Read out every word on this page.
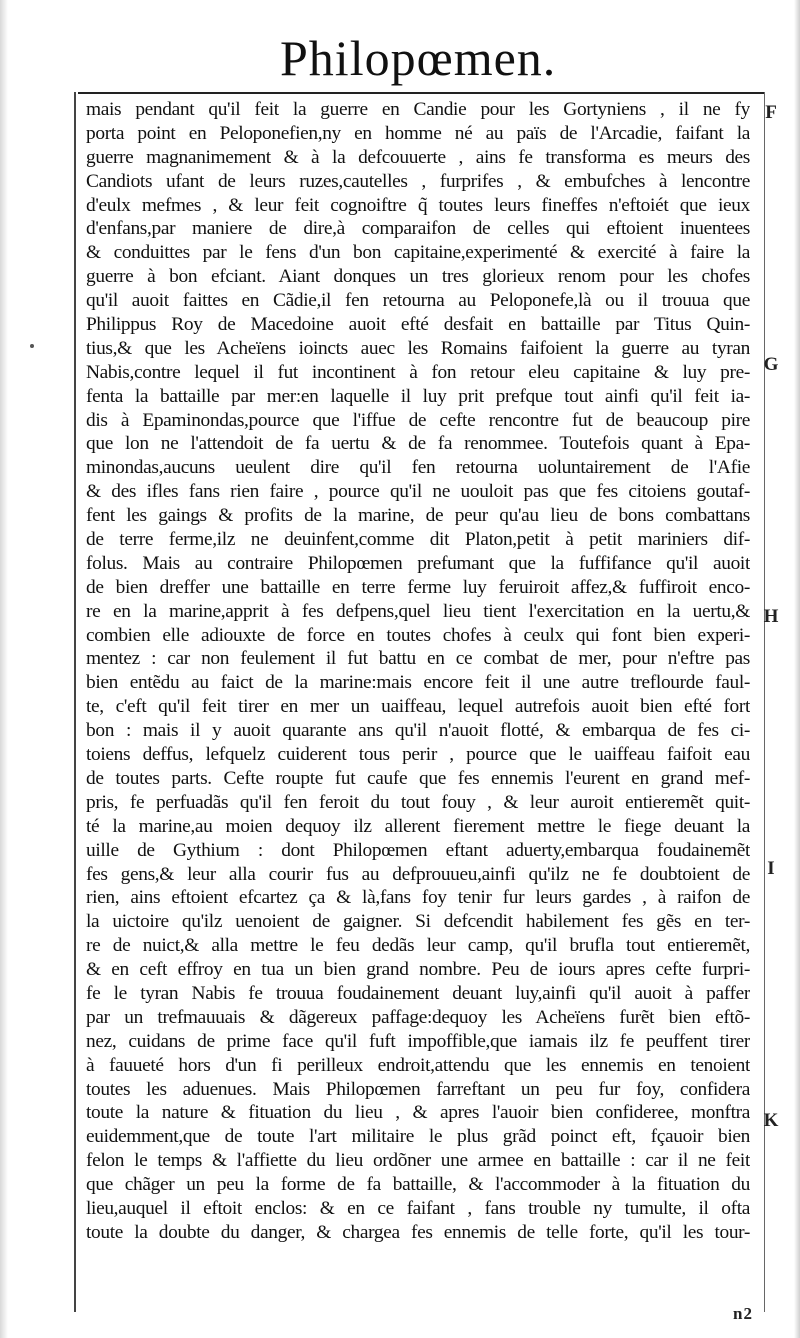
Philopœmen.
mais pendant qu'il feit la guerre en Candie pour les Gortyniens , il ne fy
porta point en Peloponefien,ny en homme né au païs de l'Arcadie, faifant la
guerre magnanimement & à la defcouuerte , ains fe transforma es meurs des
Candiots ufant de leurs ruzes,cautelles , furprifes , & embufches à lencontre
d'eulx mefmes , & leur feit cognoiftre q̃ toutes leurs fineffes n'eftoiét que ieux
d'enfans,par maniere de dire,à comparaifon de celles qui eftoient inuentees
& conduittes par le fens d'un bon capitaine,experimenté & exercité à faire la
guerre à bon efciant. Aiant donques un tres glorieux renom pour les chofes
qu'il auoit faittes en Cãdie,il fen retourna au Peloponefe,là ou il trouua que
Philippus Roy de Macedoine auoit efté desfait en battaille par Titus Quin-
tius,& que les Acheïens ioincts auec les Romains faifoient la guerre au tyran
Nabis,contre lequel il fut incontinent à fon retour eleu capitaine & luy pre-
fenta la battaille par mer:en laquelle il luy prit prefque tout ainfi qu'il feit ia-
dis à Epaminondas,pource que l'iffue de cefte rencontre fut de beaucoup pire
que lon ne l'attendoit de fa uertu & de fa renommee. Toutefois quant à Epa-
minondas,aucuns ueulent dire qu'il fen retourna uoluntairement de l'Afie
& des ifles fans rien faire , pource qu'il ne uouloit pas que fes citoiens goutaf-
fent les gaings & profits de la marine, de peur qu'au lieu de bons combattans
de terre ferme,ilz ne deuinfent,comme dit Platon,petit à petit mariniers dif-
folus. Mais au contraire Philopœmen prefumant que la fuffifance qu'il auoit
de bien dreffer une battaille en terre ferme luy feruiroit affez,& fuffiroit enco-
re en la marine,apprit à fes defpens,quel lieu tient l'exercitation en la uertu,&
combien elle adiouxte de force en toutes chofes à ceulx qui font bien experi-
mentez : car non feulement il fut battu en ce combat de mer, pour n'eftre pas
bien entẽdu au faict de la marine:mais encore feit il une autre treflourde faul-
te, c'eft qu'il feit tirer en mer un uaiffeau, lequel autrefois auoit bien efté fort
bon : mais il y auoit quarante ans qu'il n'auoit flotté, & embarqua de fes ci-
toiens deffus, lefquelz cuiderent tous perir , pource que le uaiffeau faifoit eau
de toutes parts. Cefte roupte fut caufe que fes ennemis l'eurent en grand mef-
pris, fe perfuadãs qu'il fen feroit du tout fouy , & leur auroit entieremẽt quit-
té la marine,au moien dequoy ilz allerent fierement mettre le fiege deuant la
uille de Gythium : dont Philopœmen eftant aduerty,embarqua foudainemẽt
fes gens,& leur alla courir fus au defprouueu,ainfi qu'ilz ne fe doubtoient de
rien, ains eftoient efcartez ça & là,fans foy tenir fur leurs gardes , à raifon de
la uictoire qu'ilz uenoient de gaigner. Si defcendit habilement fes gẽs en ter-
re de nuict,& alla mettre le feu dedãs leur camp, qu'il brufla tout entieremẽt,
& en ceft effroy en tua un bien grand nombre. Peu de iours apres cefte furpri-
fe le tyran Nabis fe trouua foudainement deuant luy,ainfi qu'il auoit à paffer
par un trefmauuais & dãgereux paffage:dequoy les Acheïens furẽt bien eftõ-
nez, cuidans de prime face qu'il fuft impoffible,que iamais ilz fe peuffent tirer
à fauueté hors d'un fi perilleux endroit,attendu que les ennemis en tenoient
toutes les aduenues. Mais Philopœmen farreftant un peu fur foy, confidera
toute la nature & fituation du lieu , & apres l'auoir bien confideree, monftra
euidemment,que de toute l'art militaire le plus grãd poinct eft, fçauoir bien
felon le temps & l'affiette du lieu ordõner une armee en battaille : car il ne feit
que chãger un peu la forme de fa battaille, & l'accommoder à la fituation du
lieu,auquel il eftoit enclos: & en ce faifant , fans trouble ny tumulte, il ofta
toute la doubte du danger, & chargea fes ennemis de telle forte, qu'il les tour-
F
G
H
I
K
n2
